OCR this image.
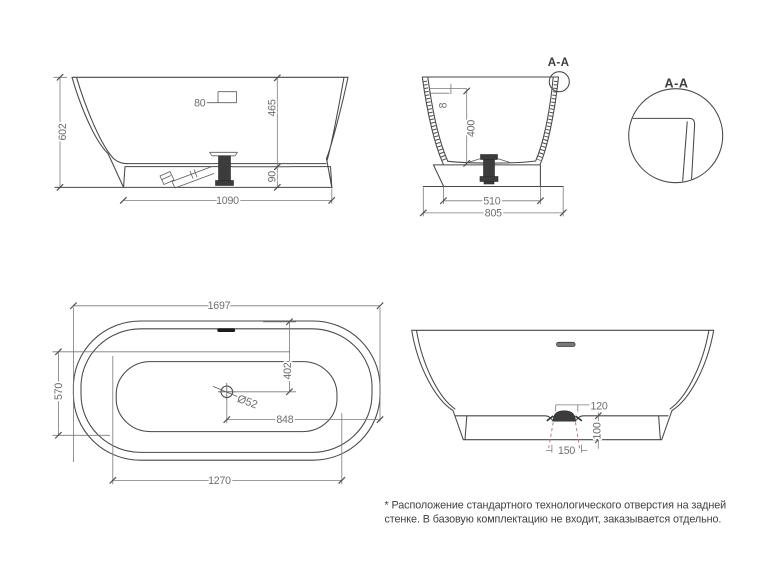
602
80	465
90
1090
A-A
8
400
510
805
A-A
Ø52
1697
570
402
848
1270
120
100
150
* Расположение стандартного технологического отверстия на задней
стенке. В базовую комплектацию не входит, заказывается отдельно.
